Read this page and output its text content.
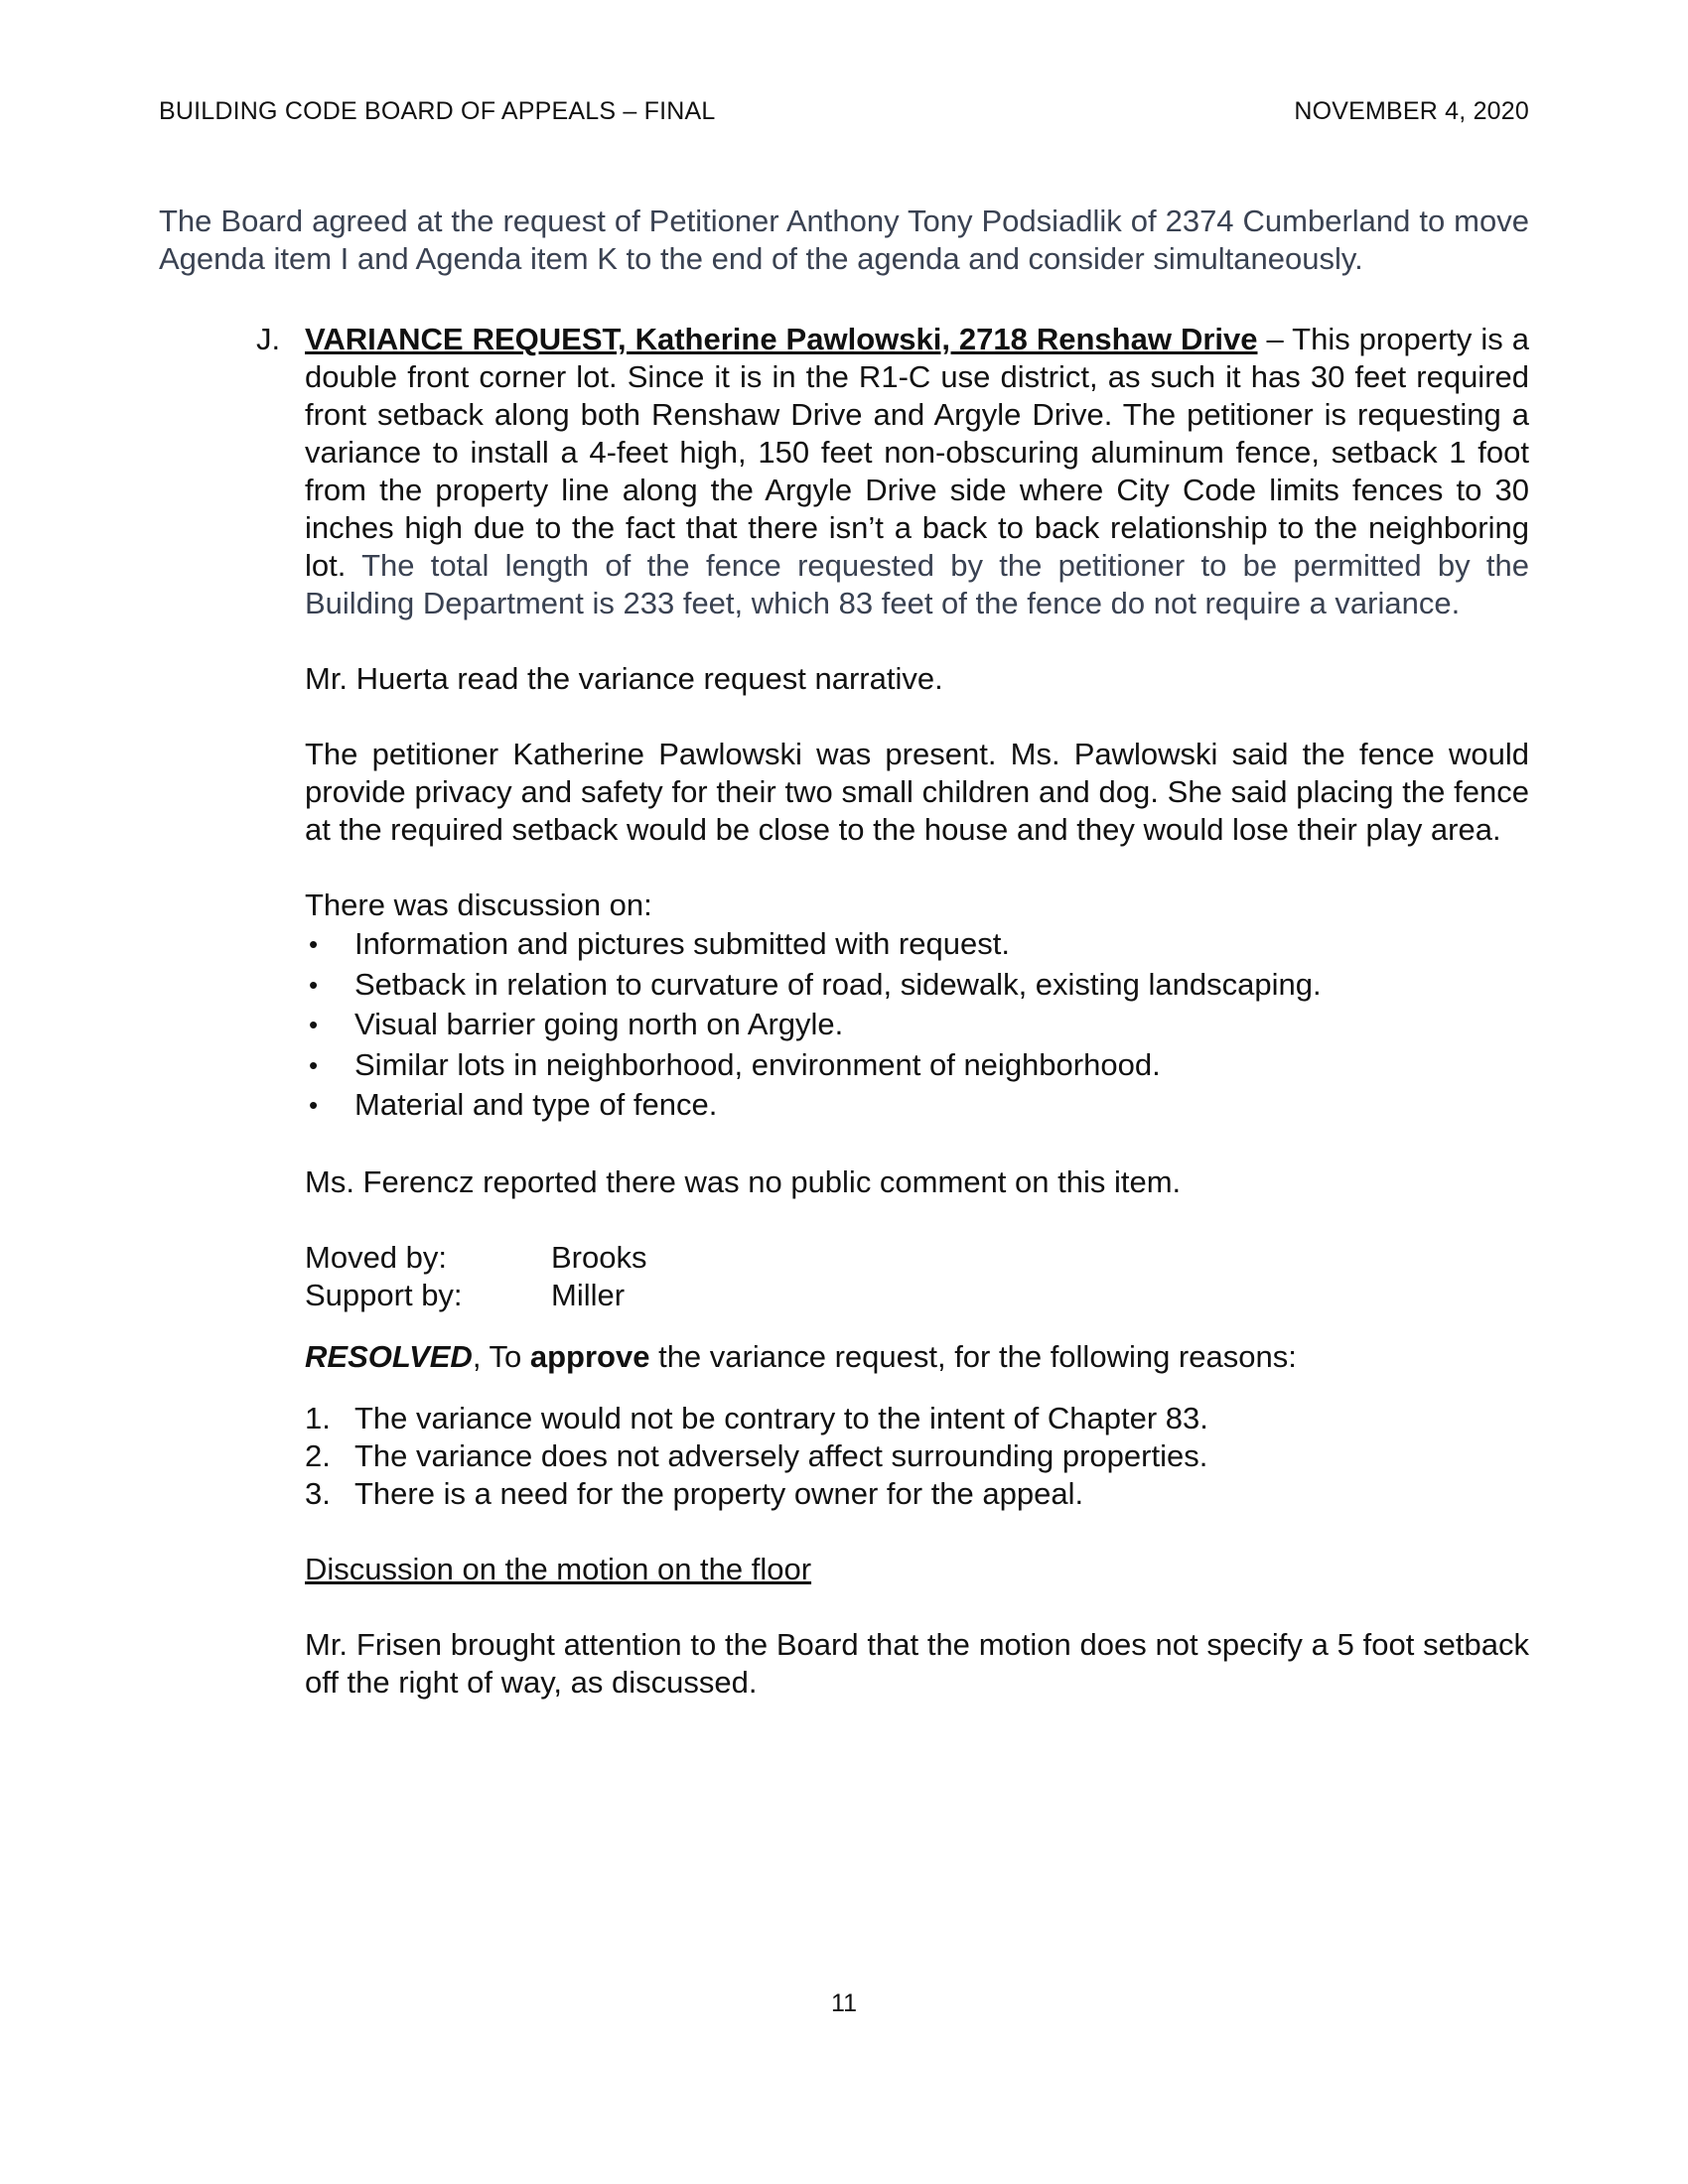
BUILDING CODE BOARD OF APPEALS – FINAL	NOVEMBER 4, 2020
The Board agreed at the request of Petitioner Anthony Tony Podsiadlik of 2374 Cumberland to move Agenda item I and Agenda item K to the end of the agenda and consider simultaneously.
J. VARIANCE REQUEST, Katherine Pawlowski, 2718 Renshaw Drive – This property is a double front corner lot. Since it is in the R1-C use district, as such it has 30 feet required front setback along both Renshaw Drive and Argyle Drive. The petitioner is requesting a variance to install a 4-feet high, 150 feet non-obscuring aluminum fence, setback 1 foot from the property line along the Argyle Drive side where City Code limits fences to 30 inches high due to the fact that there isn’t a back to back relationship to the neighboring lot. The total length of the fence requested by the petitioner to be permitted by the Building Department is 233 feet, which 83 feet of the fence do not require a variance.

Mr. Huerta read the variance request narrative.

The petitioner Katherine Pawlowski was present. Ms. Pawlowski said the fence would provide privacy and safety for their two small children and dog. She said placing the fence at the required setback would be close to the house and they would lose their play area.

There was discussion on:

• Information and pictures submitted with request.
• Setback in relation to curvature of road, sidewalk, existing landscaping.
• Visual barrier going north on Argyle.
• Similar lots in neighborhood, environment of neighborhood.
• Material and type of fence.

Ms. Ferencz reported there was no public comment on this item.

Moved by:	Brooks
Support by:	Miller

RESOLVED, To approve the variance request, for the following reasons:

1. The variance would not be contrary to the intent of Chapter 83.
2. The variance does not adversely affect surrounding properties.
3. There is a need for the property owner for the appeal.

Discussion on the motion on the floor

Mr. Frisen brought attention to the Board that the motion does not specify a 5 foot setback off the right of way, as discussed.

11
